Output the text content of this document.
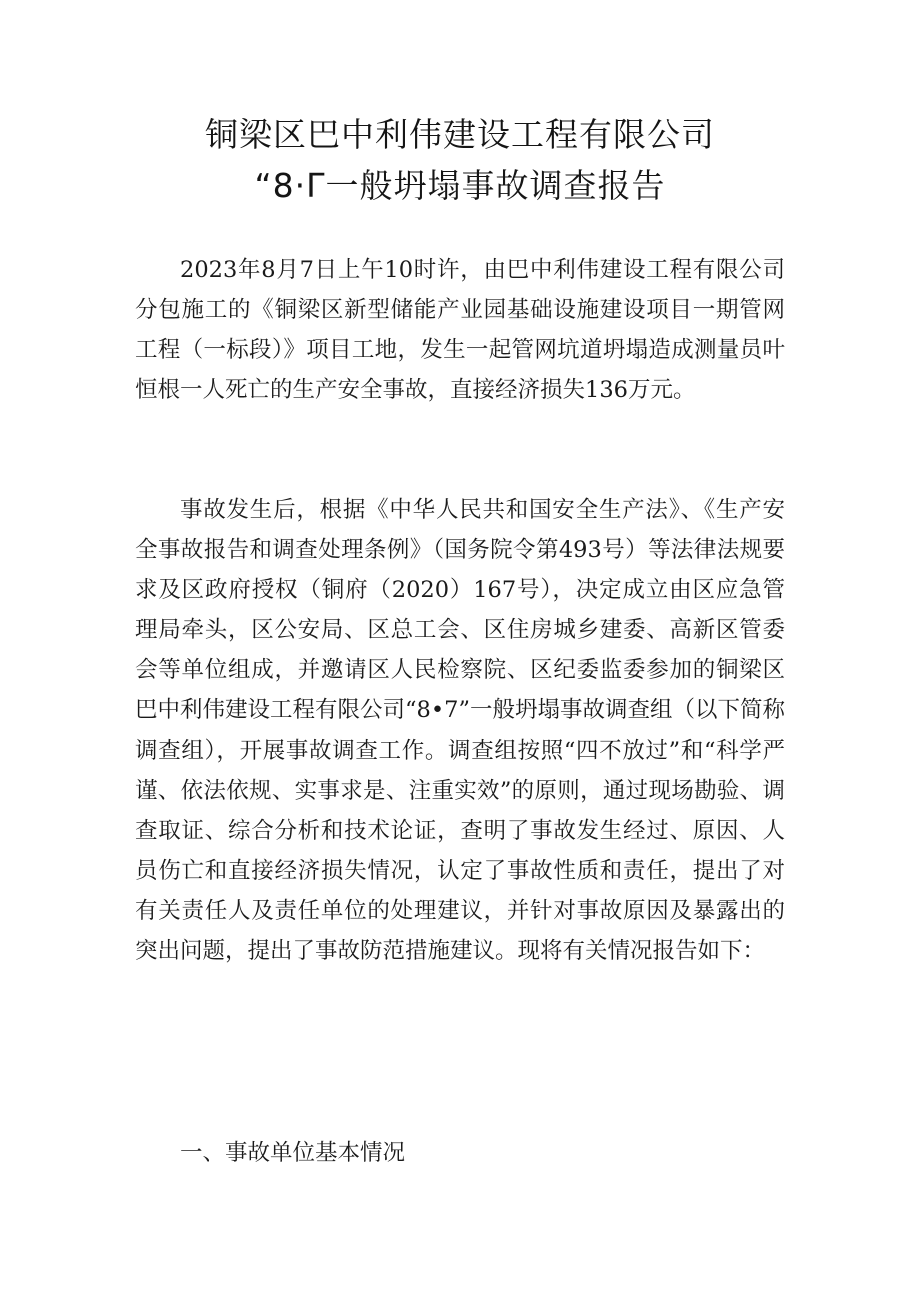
铜梁区巴中利伟建设工程有限公司
“8·Γ一般坍塌事故调查报告

2023年8月7日上午10时许，由巴中利伟建设工程有限公司分包施工的《铜梁区新型储能产业园基础设施建设项目一期管网工程（一标段）》项目工地，发生一起管网坑道坍塌造成测量员叶恒根一人死亡的生产安全事故，直接经济损失136万元。

事故发生后，根据《中华人民共和国安全生产法》、《生产安全事故报告和调查处理条例》（国务院令第493号）等法律法规要求及区政府授权（铜府（2020）167号），决定成立由区应急管理局牵头，区公安局、区总工会、区住房城乡建委、高新区管委会等单位组成，并邀请区人民检察院、区纪委监委参加的铜梁区巴中利伟建设工程有限公司“8•7”一般坍塌事故调查组（以下简称调查组），开展事故调查工作。调查组按照“四不放过”和“科学严谨、依法依规、实事求是、注重实效”的原则，通过现场勘验、调查取证、综合分析和技术论证，查明了事故发生经过、原因、人员伤亡和直接经济损失情况，认定了事故性质和责任，提出了对有关责任人及责任单位的处理建议，并针对事故原因及暴露出的突出问题，提出了事故防范措施建议。现将有关情况报告如下：

一、事故单位基本情况
